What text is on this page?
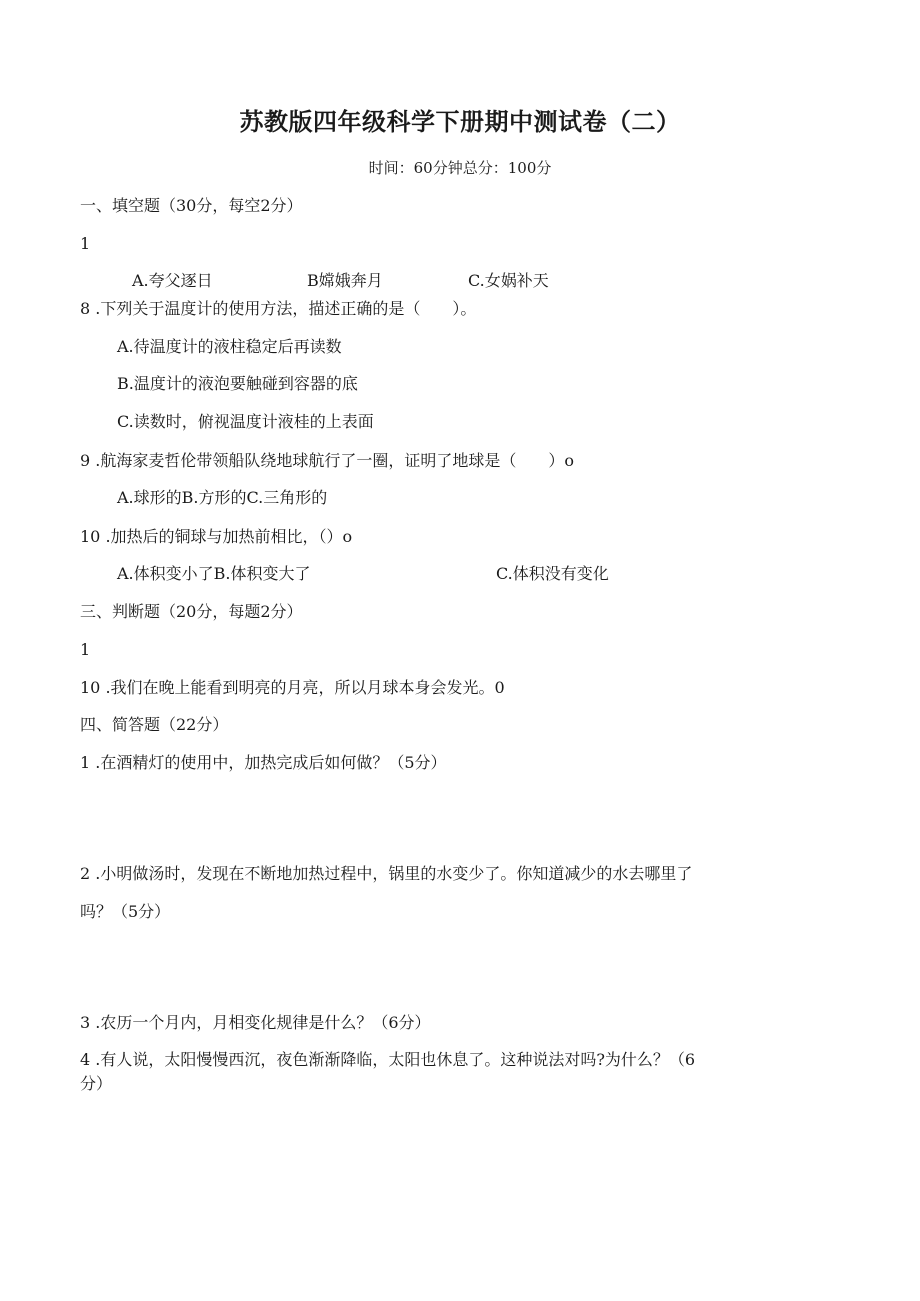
苏教版四年级科学下册期中测试卷（二）
时间：60分钟总分：100分
一、填空题（30分，每空2分）
1
A.夸父逐日	B嫦娥奔月	C.女娲补天
8 .下列关于温度计的使用方法，描述正确的是（　　）。
A.待温度计的液柱稳定后再读数
B.温度计的液泡要触碰到容器的底
C.读数时，俯视温度计液桂的上表面
9 .航海家麦哲伦带领船队绕地球航行了一圈，证明了地球是（　　）o
A.球形的B.方形的C.三角形的
10 .加热后的铜球与加热前相比，（）o
A.体积变小了B.体积变大了	C.体积没有变化
三、判断题（20分，每题2分）
1
10 .我们在晚上能看到明亮的月亮，所以月球本身会发光。0
四、简答题（22分）
1 .在酒精灯的使用中，加热完成后如何做？（5分）
2 .小明做汤时，发现在不断地加热过程中，锅里的水变少了。你知道减少的水去哪里了
吗？（5分）
3 .农历一个月内，月相变化规律是什么？（6分）
4 .有人说，太阳慢慢西沉，夜色渐渐降临，太阳也休息了。这种说法对吗?为什么？（6
分）
